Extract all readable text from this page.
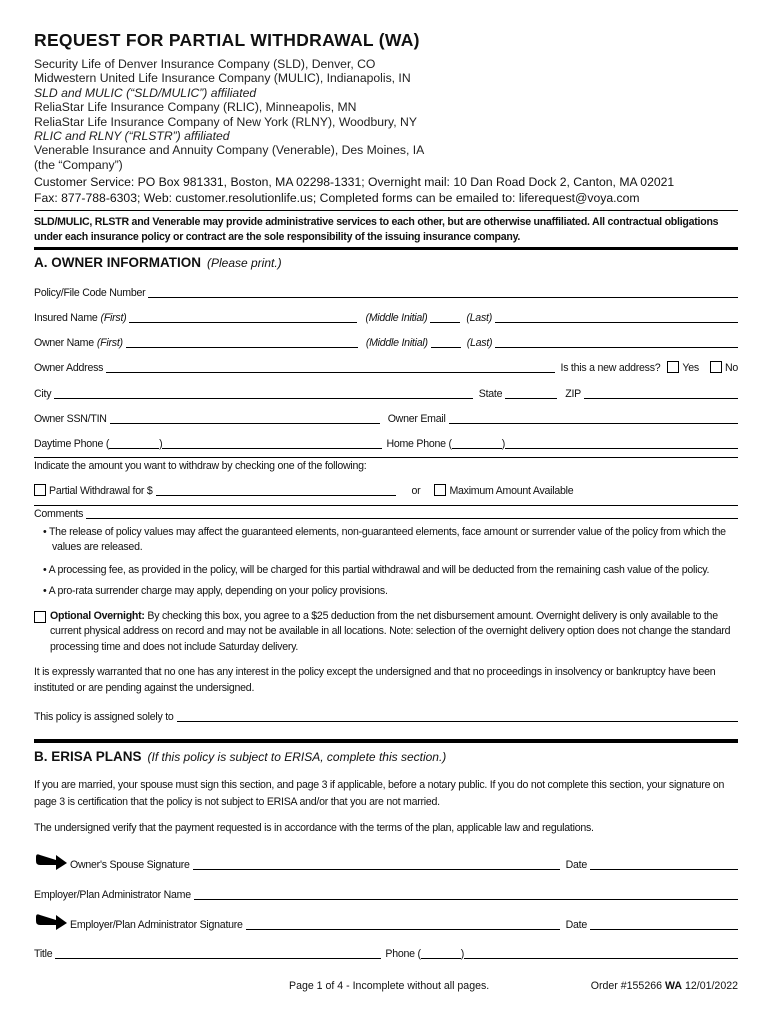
REQUEST FOR PARTIAL WITHDRAWAL (WA)
Security Life of Denver Insurance Company (SLD), Denver, CO
Midwestern United Life Insurance Company (MULIC), Indianapolis, IN
SLD and MULIC (“SLD/MULIC”) affiliated
ReliaStar Life Insurance Company (RLIC), Minneapolis, MN
ReliaStar Life Insurance Company of New York (RLNY), Woodbury, NY
RLIC and RLNY (“RLSTR”) affiliated
Venerable Insurance and Annuity Company (Venerable), Des Moines, IA
(the “Company”)
Customer Service: PO Box 981331, Boston, MA 02298-1331; Overnight mail: 10 Dan Road Dock 2, Canton, MA 02021
Fax: 877-788-6303; Web: customer.resolutionlife.us; Completed forms can be emailed to: liferequest@voya.com
SLD/MULIC, RLSTR and Venerable may provide administrative services to each other, but are otherwise unaffiliated. All contractual obligations under each insurance policy or contract are the sole responsibility of the issuing insurance company.
A. OWNER INFORMATION (Please print.)
Policy/File Code Number
Insured Name (First)	(Middle Initial)	(Last)
Owner Name (First)	(Middle Initial)	(Last)
Owner Address	Is this a new address? Yes No
City	State	ZIP
Owner SSN/TIN	Owner Email
Daytime Phone (	)	Home Phone (	)
Indicate the amount you want to withdraw by checking one of the following:
Partial Withdrawal for $	or	Maximum Amount Available
Comments
• The release of policy values may affect the guaranteed elements, non-guaranteed elements, face amount or surrender value of the policy from which the values are released.
• A processing fee, as provided in the policy, will be charged for this partial withdrawal and will be deducted from the remaining cash value of the policy.
• A pro-rata surrender charge may apply, depending on your policy provisions.
Optional Overnight: By checking this box, you agree to a $25 deduction from the net disbursement amount. Overnight delivery is only available to the current physical address on record and may not be available in all locations. Note: selection of the overnight delivery option does not change the standard processing time and does not include Saturday delivery.
It is expressly warranted that no one has any interest in the policy except the undersigned and that no proceedings in insolvency or bankruptcy have been instituted or are pending against the undersigned.
This policy is assigned solely to
B. ERISA PLANS (If this policy is subject to ERISA, complete this section.)
If you are married, your spouse must sign this section, and page 3 if applicable, before a notary public. If you do not complete this section, your signature on page 3 is certification that the policy is not subject to ERISA and/or that you are not married.
The undersigned verify that the payment requested is in accordance with the terms of the plan, applicable law and regulations.
Owner's Spouse Signature	Date
Employer/Plan Administrator Name
Employer/Plan Administrator Signature	Date
Title	Phone (	)
Page 1 of 4 - Incomplete without all pages.	Order #155266 WA 12/01/2022
